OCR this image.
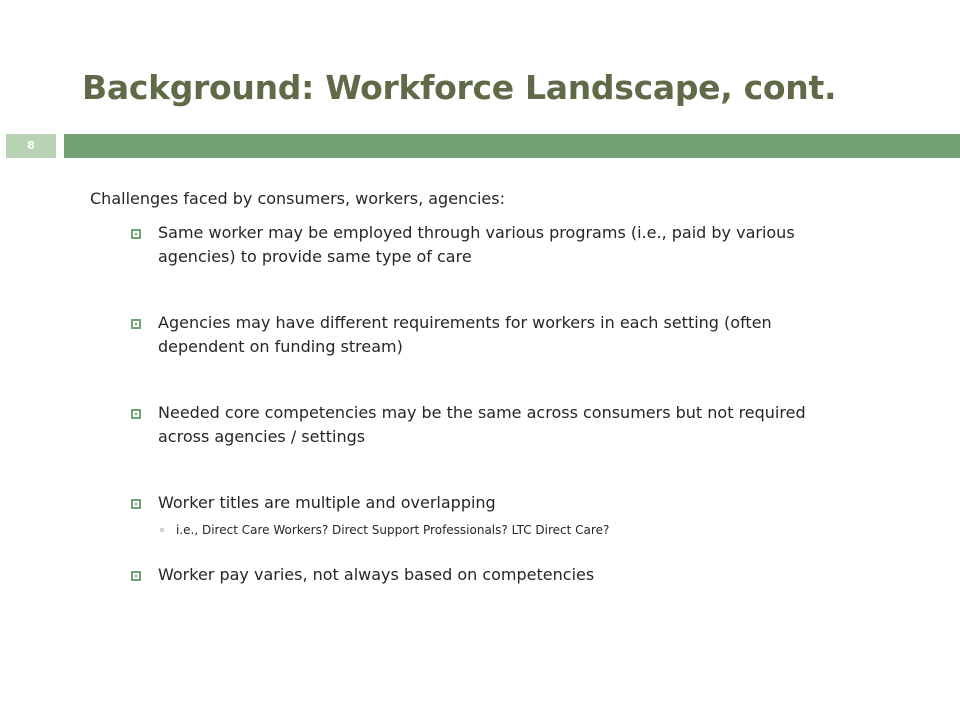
Background: Workforce Landscape, cont.
8

Challenges faced by consumers, workers, agencies:

Same worker may be employed through various programs (i.e., paid by various agencies) to provide same type of care
Agencies may have different requirements for workers in each setting (often dependent on funding stream)
Needed core competencies may be the same across consumers but not required across agencies / settings
Worker titles are multiple and overlapping
i.e., Direct Care Workers? Direct Support Professionals? LTC Direct Care?
Worker pay varies, not always based on competencies
